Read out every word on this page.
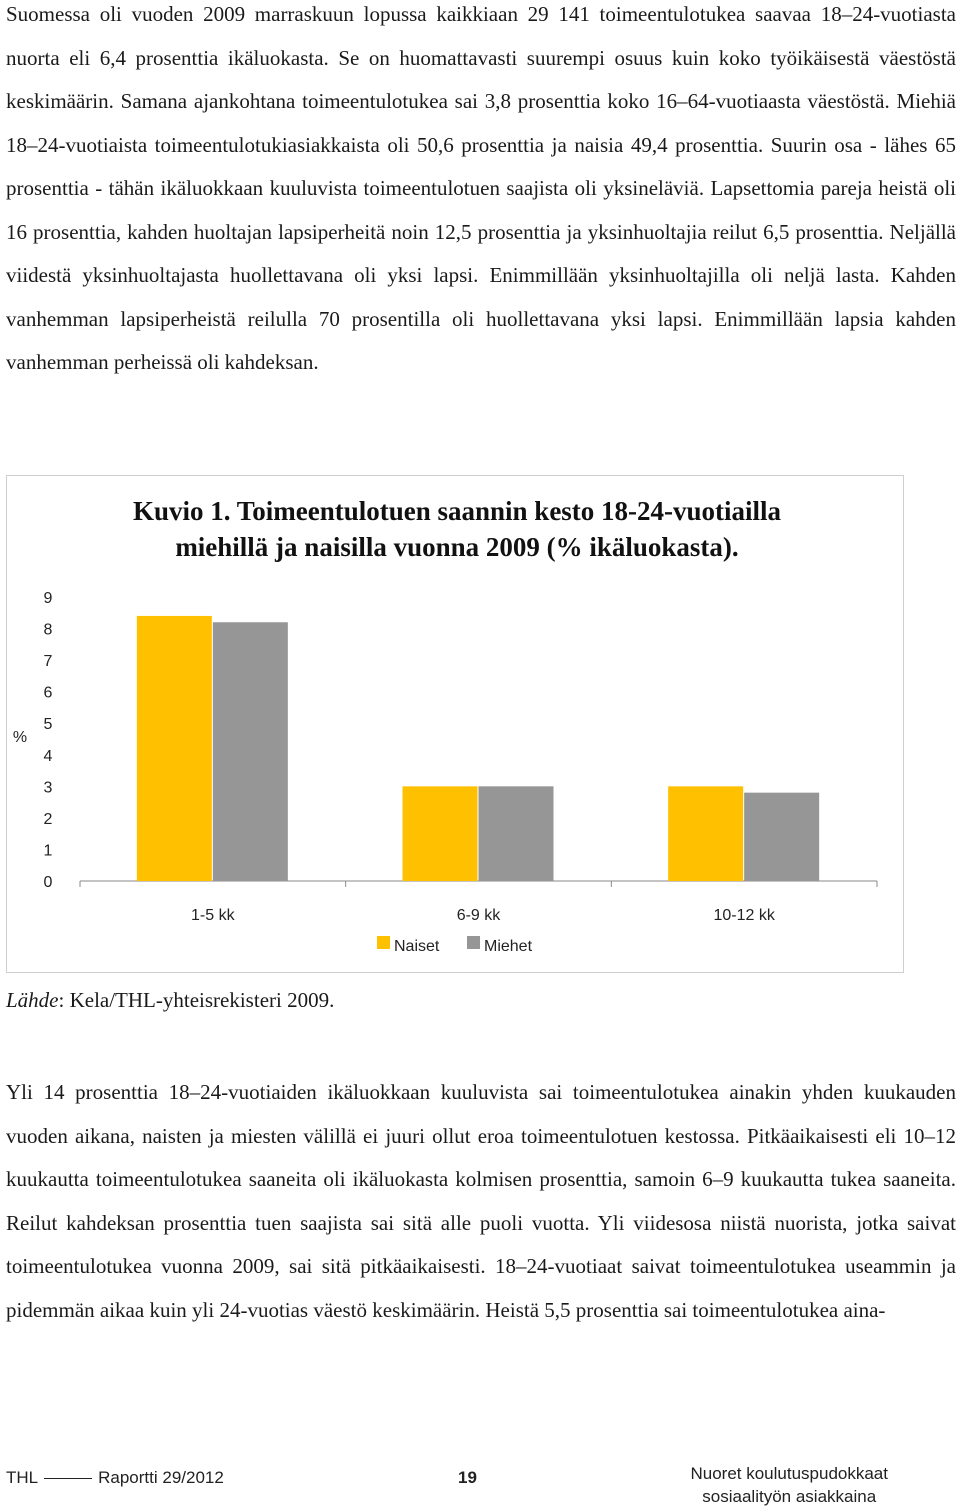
Suomessa oli vuoden 2009 marraskuun lopussa kaikkiaan 29 141 toimeentulotukea saavaa 18–24-vuotiasta nuorta eli 6,4 prosenttia ikäluokasta. Se on huomattavasti suurempi osuus kuin koko työikäisestä väestöstä keskimäärin. Samana ajankohtana toimeentulotukea sai 3,8 prosenttia koko 16–64-vuotiaasta väestöstä. Miehiä 18–24-vuotiaista toimeentulotukiasiakkaista oli 50,6 prosenttia ja naisia 49,4 prosenttia. Suurin osa - lähes 65 prosenttia - tähän ikäluokkaan kuuluvista toimeentulotuen saajista oli yksineläviä. Lapsettomia pareja heistä oli 16 prosenttia, kahden huoltajan lapsiperheitä noin 12,5 prosenttia ja yksinhuoltajia reilut 6,5 prosenttia. Neljällä viidestä yksinhuoltajasta huollettavana oli yksi lapsi. Enimmillään yksinhuoltajilla oli neljä lasta. Kahden vanhemman lapsiperheistä reilulla 70 prosentilla oli huollettavana yksi lapsi. Enimmillään lapsia kahden vanhemman perheissä oli kahdeksan.

Kuvio 1. Toimeentulotuen saannin kesto 18-24-vuotiailla
miehillä ja naisilla vuonna 2009 (% ikäluokasta).
%
0
1
2
3
4
5
6
7
8
9
1-5 kk	6-9 kk	10-12 kk
Naiset	Miehet

Lähde: Kela/THL-yhteisrekisteri 2009.

Yli 14 prosenttia 18–24-vuotiaiden ikäluokkaan kuuluvista sai toimeentulotukea ainakin yhden kuukauden vuoden aikana, naisten ja miesten välillä ei juuri ollut eroa toimeentulotuen kestossa. Pitkäaikaisesti eli 10–12 kuukautta toimeentulotukea saaneita oli ikäluokasta kolmisen prosenttia, samoin 6–9 kuukautta tukea saaneita. Reilut kahdeksan prosenttia tuen saajista sai sitä alle puoli vuotta. Yli viidesosa niistä nuorista, jotka saivat toimeentulotukea vuonna 2009, sai sitä pitkäaikaisesti. 18–24-vuotiaat saivat toimeentulotukea useammin ja pidemmän aikaa kuin yli 24-vuotias väestö keskimäärin. Heistä 5,5 prosenttia sai toimeentulotukea aina-

THL	Raportti 29/2012	19	Nuoret koulutuspudokkaat
sosiaalityön asiakkaina
